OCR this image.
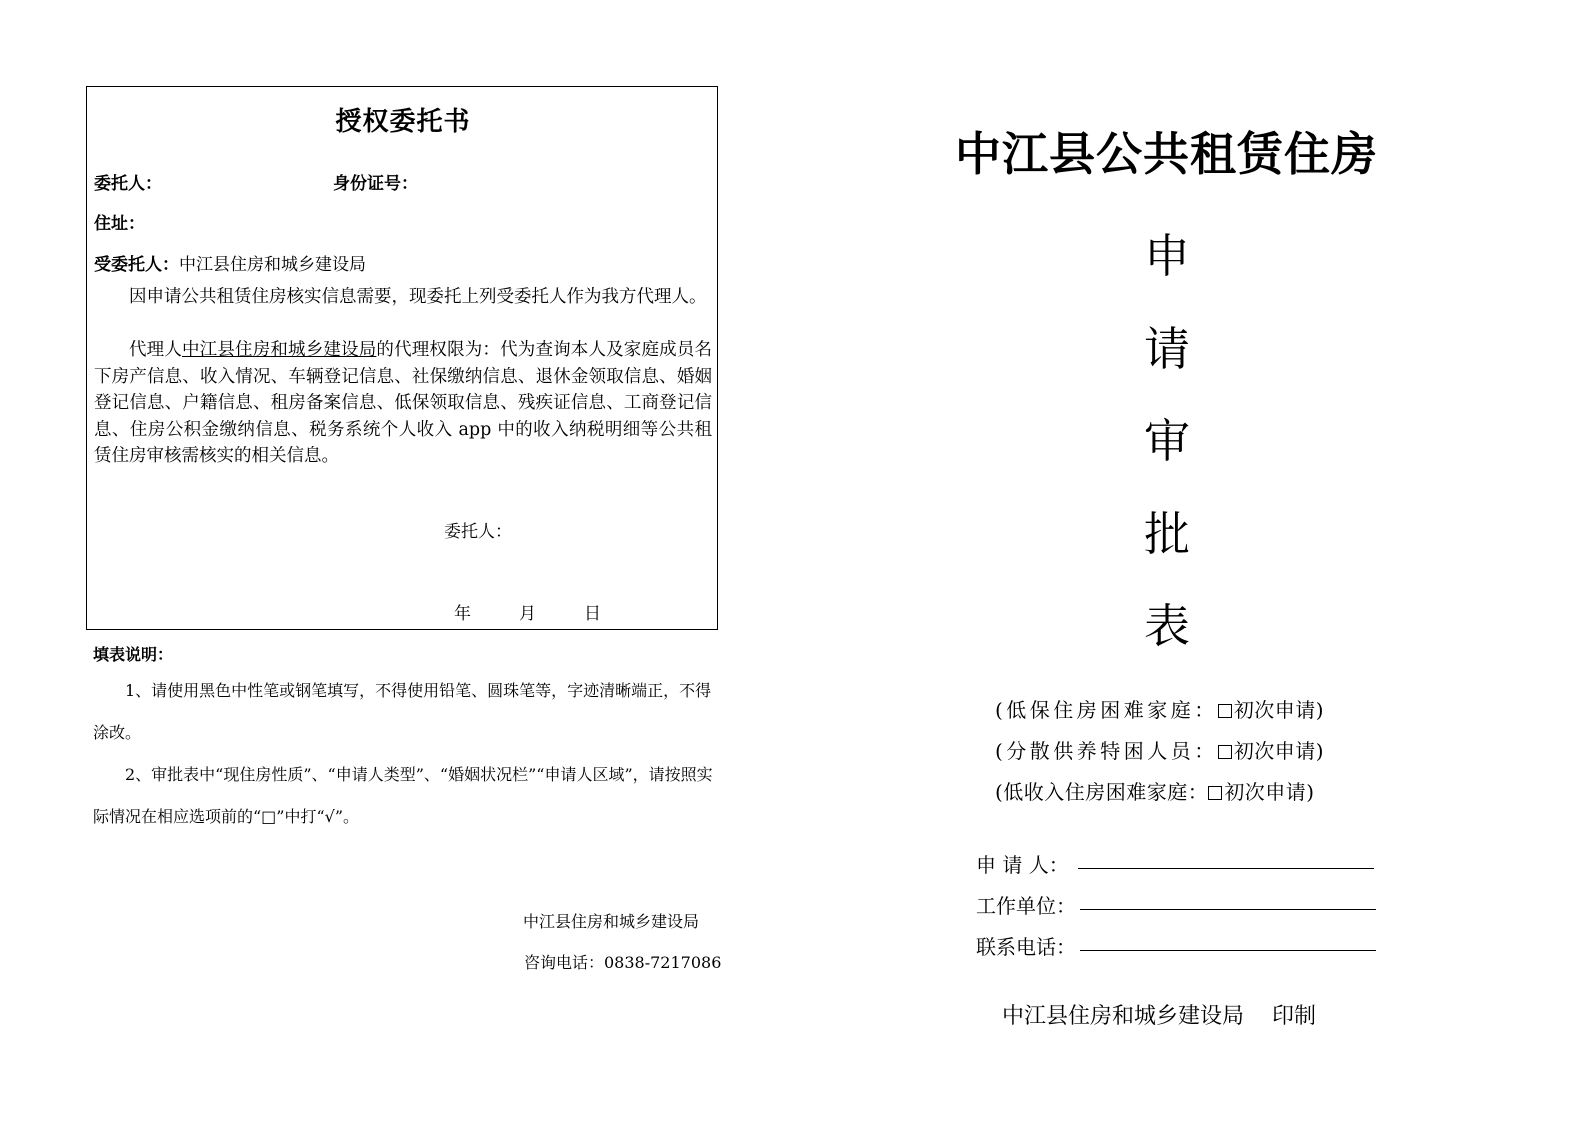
授权委托书
委托人：	身份证号：
住址：
受委托人：中江县住房和城乡建设局
因申请公共租赁住房核实信息需要，现委托上列受委托人作为我方代理人。
代理人中江县住房和城乡建设局的代理权限为：代为查询本人及家庭成员名下房产信息、收入情况、车辆登记信息、社保缴纳信息、退休金领取信息、婚姻登记信息、户籍信息、租房备案信息、低保领取信息、残疾证信息、工商登记信息、住房公积金缴纳信息、税务系统个人收入 app 中的收入纳税明细等公共租赁住房审核需核实的相关信息。
委托人：
年	月	日
填表说明：
1、请使用黑色中性笔或钢笔填写，不得使用铅笔、圆珠笔等，字迹清晰端正，不得涂改。
2、审批表中“现住房性质”、“申请人类型”、“婚姻状况栏”“申请人区域”，请按照实际情况在相应选项前的“□”中打“√”。
中江县住房和城乡建设局
咨询电话：0838-7217086
中江县公共租赁住房
申
请
审
批
表
(低保住房困难家庭： 初次申请)
(分散供养特困人员： 初次申请)
(低收入住房困难家庭： 初次申请)
申 请 人：
工作单位：
联系电话：
中江县住房和城乡建设局    印制
